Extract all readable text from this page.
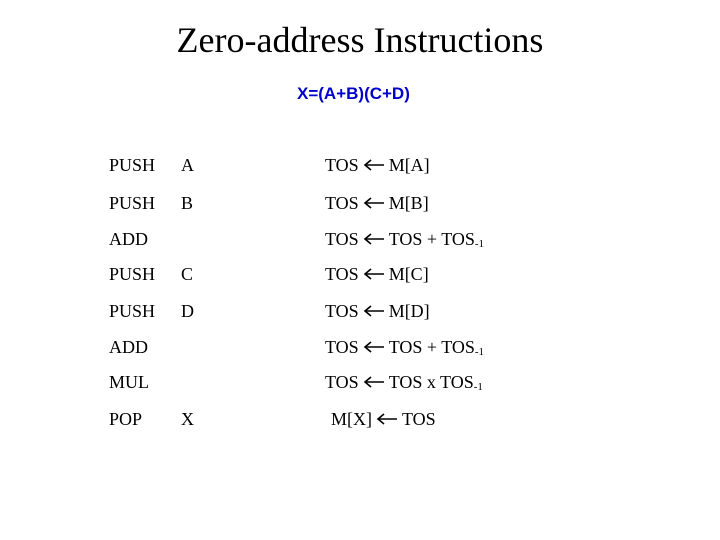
Zero-address Instructions
X=(A+B)(C+D)
PUSH A	TOS M[A]
PUSH B	TOS M[B]
ADD	TOS TOS + $TOS_{-1}$
PUSH C	TOS M[C]
PUSH D	TOS M[D]
ADD	TOS TOS + $TOS_{-1}$
MUL	TOS TOS x $TOS_{-1}$
POP X	M[X] TOS
